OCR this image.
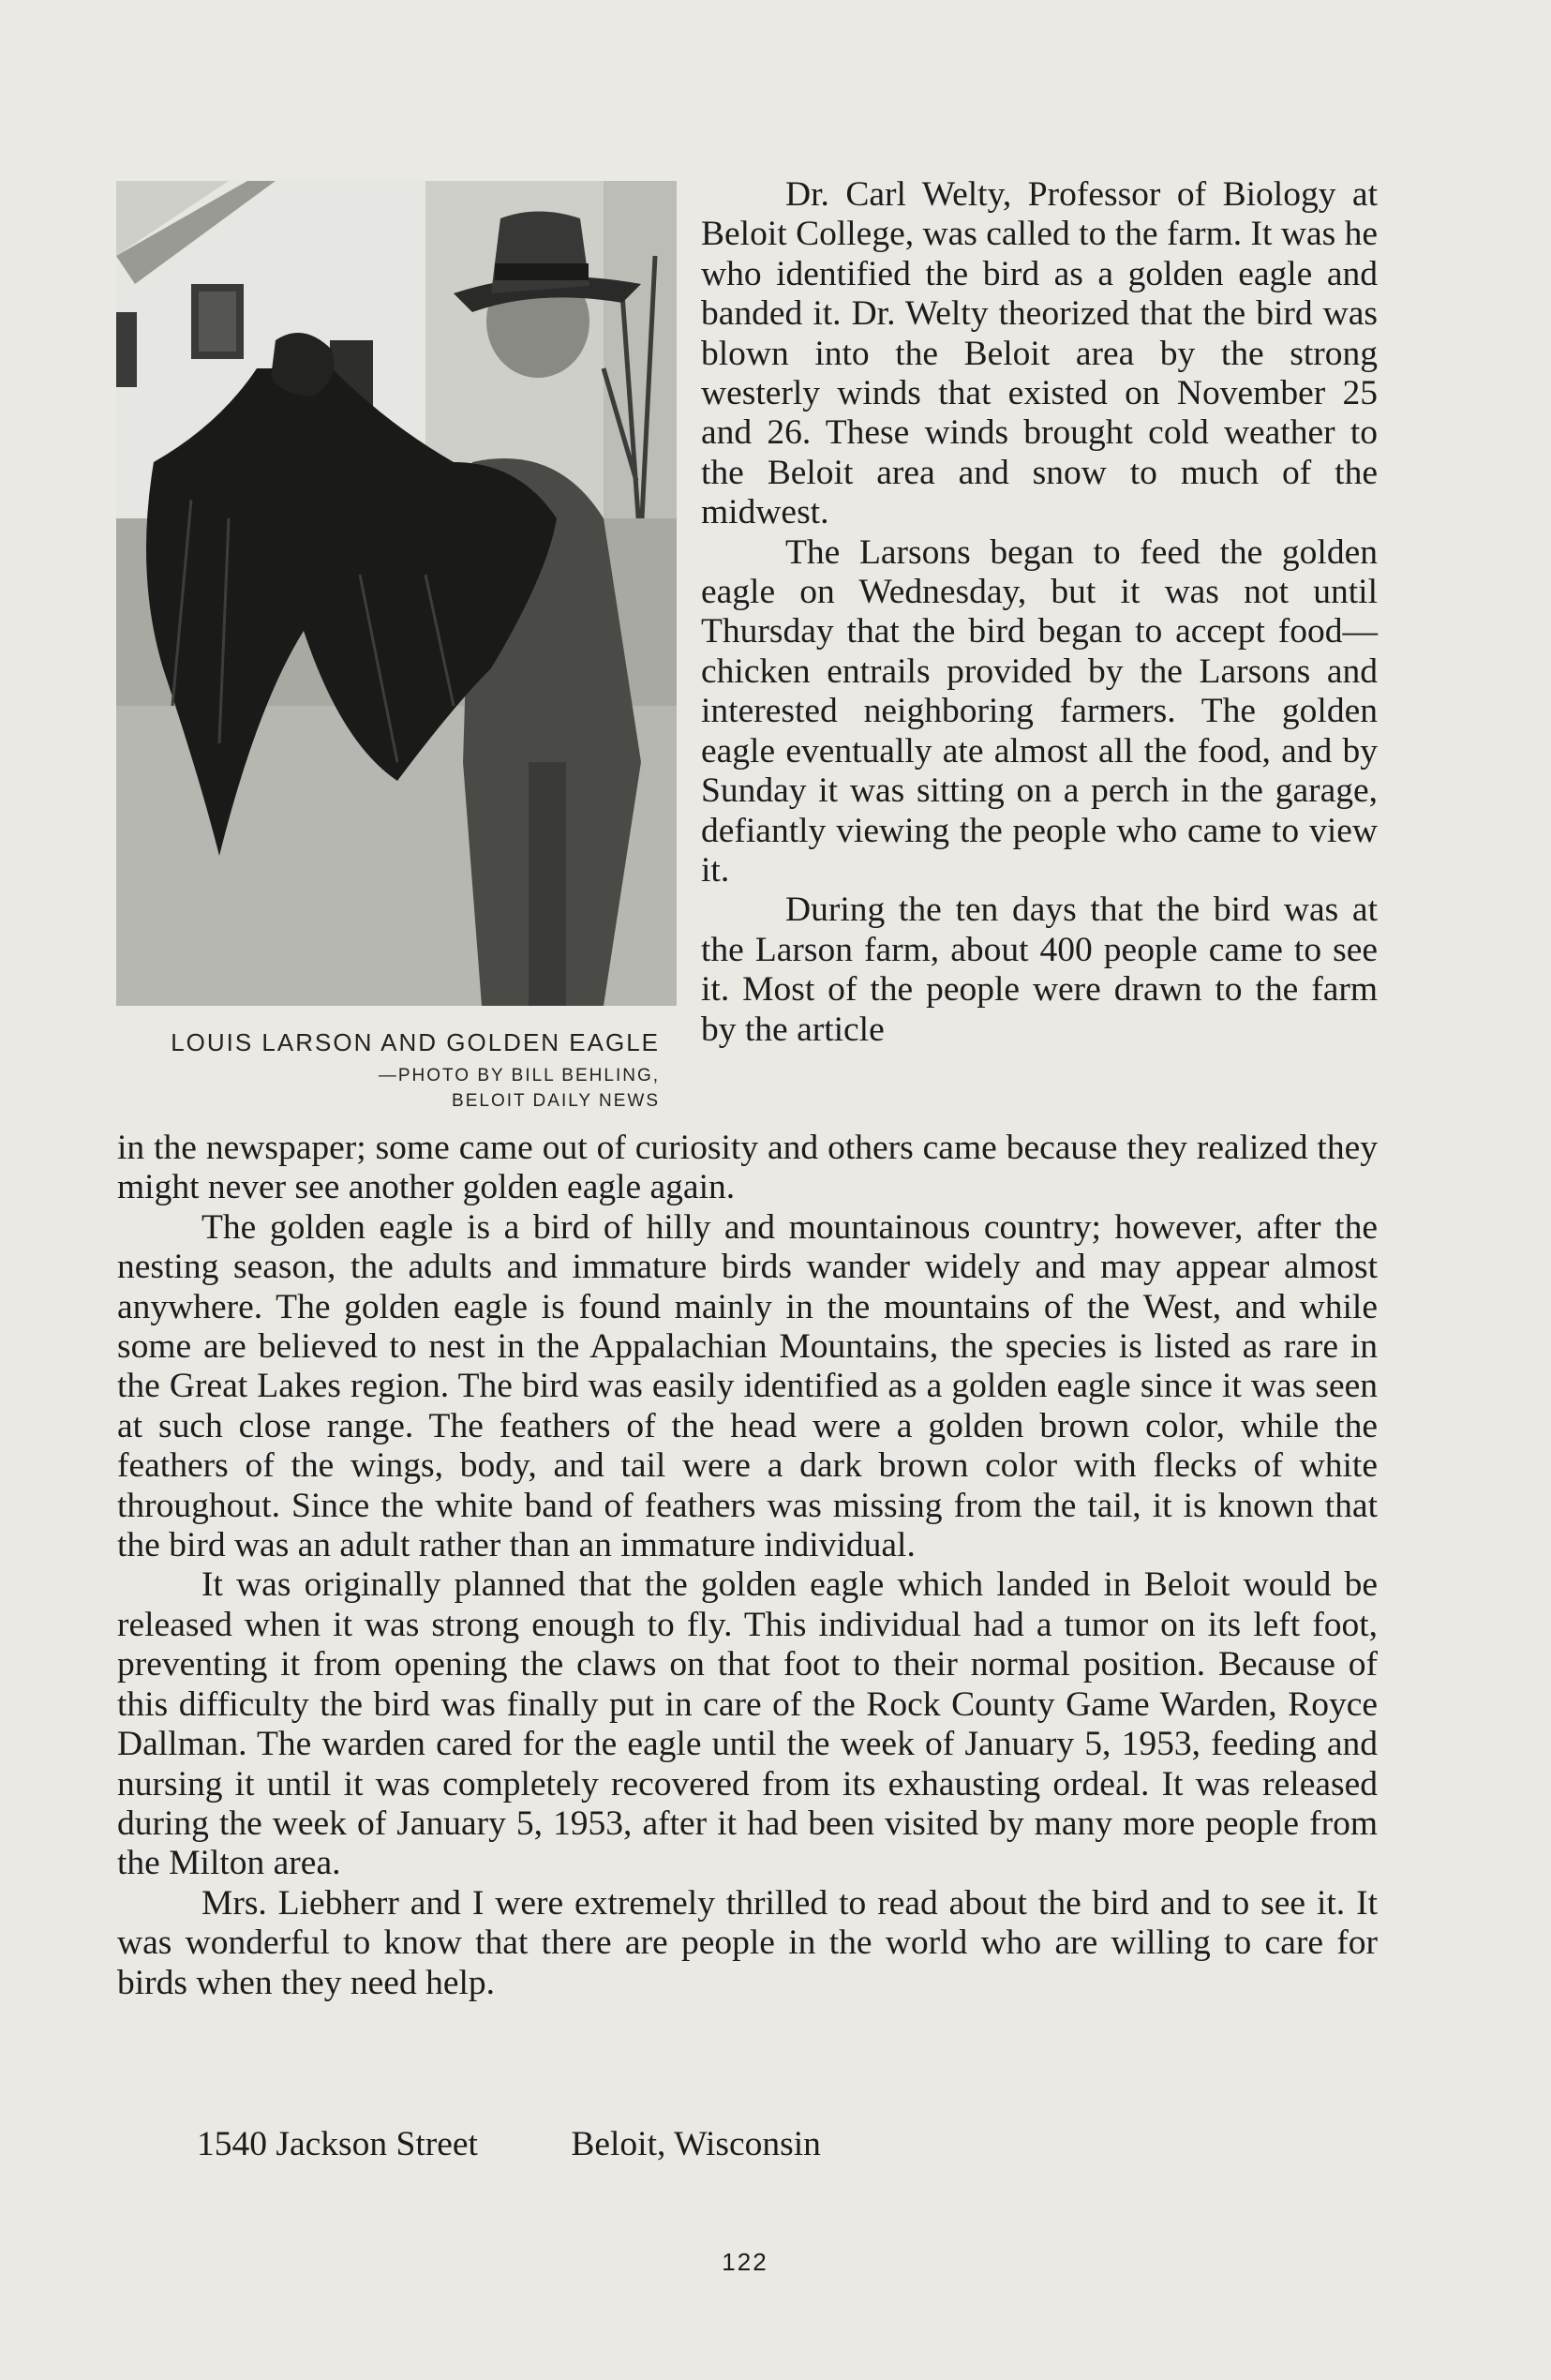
LOUIS LARSON AND GOLDEN EAGLE
—PHOTO BY BILL BEHLING,
BELOIT DAILY NEWS

Dr. Carl Welty, Professor of Biology at Beloit College, was called to the farm. It was he who identified the bird as a golden eagle and banded it. Dr. Welty theorized that the bird was blown into the Beloit area by the strong westerly winds that existed on November 25 and 26. These winds brought cold weather to the Beloit area and snow to much of the midwest.

The Larsons began to feed the golden eagle on Wednesday, but it was not until Thursday that the bird began to accept food—chicken entrails provided by the Larsons and interested neighboring farmers. The golden eagle eventually ate almost all the food, and by Sunday it was sitting on a perch in the garage, defiantly viewing the people who came to view it.

During the ten days that the bird was at the Larson farm, about 400 people came to see it. Most of the people were drawn to the farm by the article

in the newspaper; some came out of curiosity and others came because they realized they might never see another golden eagle again.

The golden eagle is a bird of hilly and mountainous country; however, after the nesting season, the adults and immature birds wander widely and may appear almost anywhere. The golden eagle is found mainly in the mountains of the West, and while some are believed to nest in the Appalachian Mountains, the species is listed as rare in the Great Lakes region. The bird was easily identified as a golden eagle since it was seen at such close range. The feathers of the head were a golden brown color, while the feathers of the wings, body, and tail were a dark brown color with flecks of white throughout. Since the white band of feathers was missing from the tail, it is known that the bird was an adult rather than an immature individual.

It was originally planned that the golden eagle which landed in Beloit would be released when it was strong enough to fly. This individual had a tumor on its left foot, preventing it from opening the claws on that foot to their normal position. Because of this difficulty the bird was finally put in care of the Rock County Game Warden, Royce Dallman. The warden cared for the eagle until the week of January 5, 1953, feeding and nursing it until it was completely recovered from its exhausting ordeal. It was released during the week of January 5, 1953, after it had been visited by many more people from the Milton area.

Mrs. Liebherr and I were extremely thrilled to read about the bird and to see it. It was wonderful to know that there are people in the world who are willing to care for birds when they need help.

1540 Jackson Street	Beloit, Wisconsin
122
